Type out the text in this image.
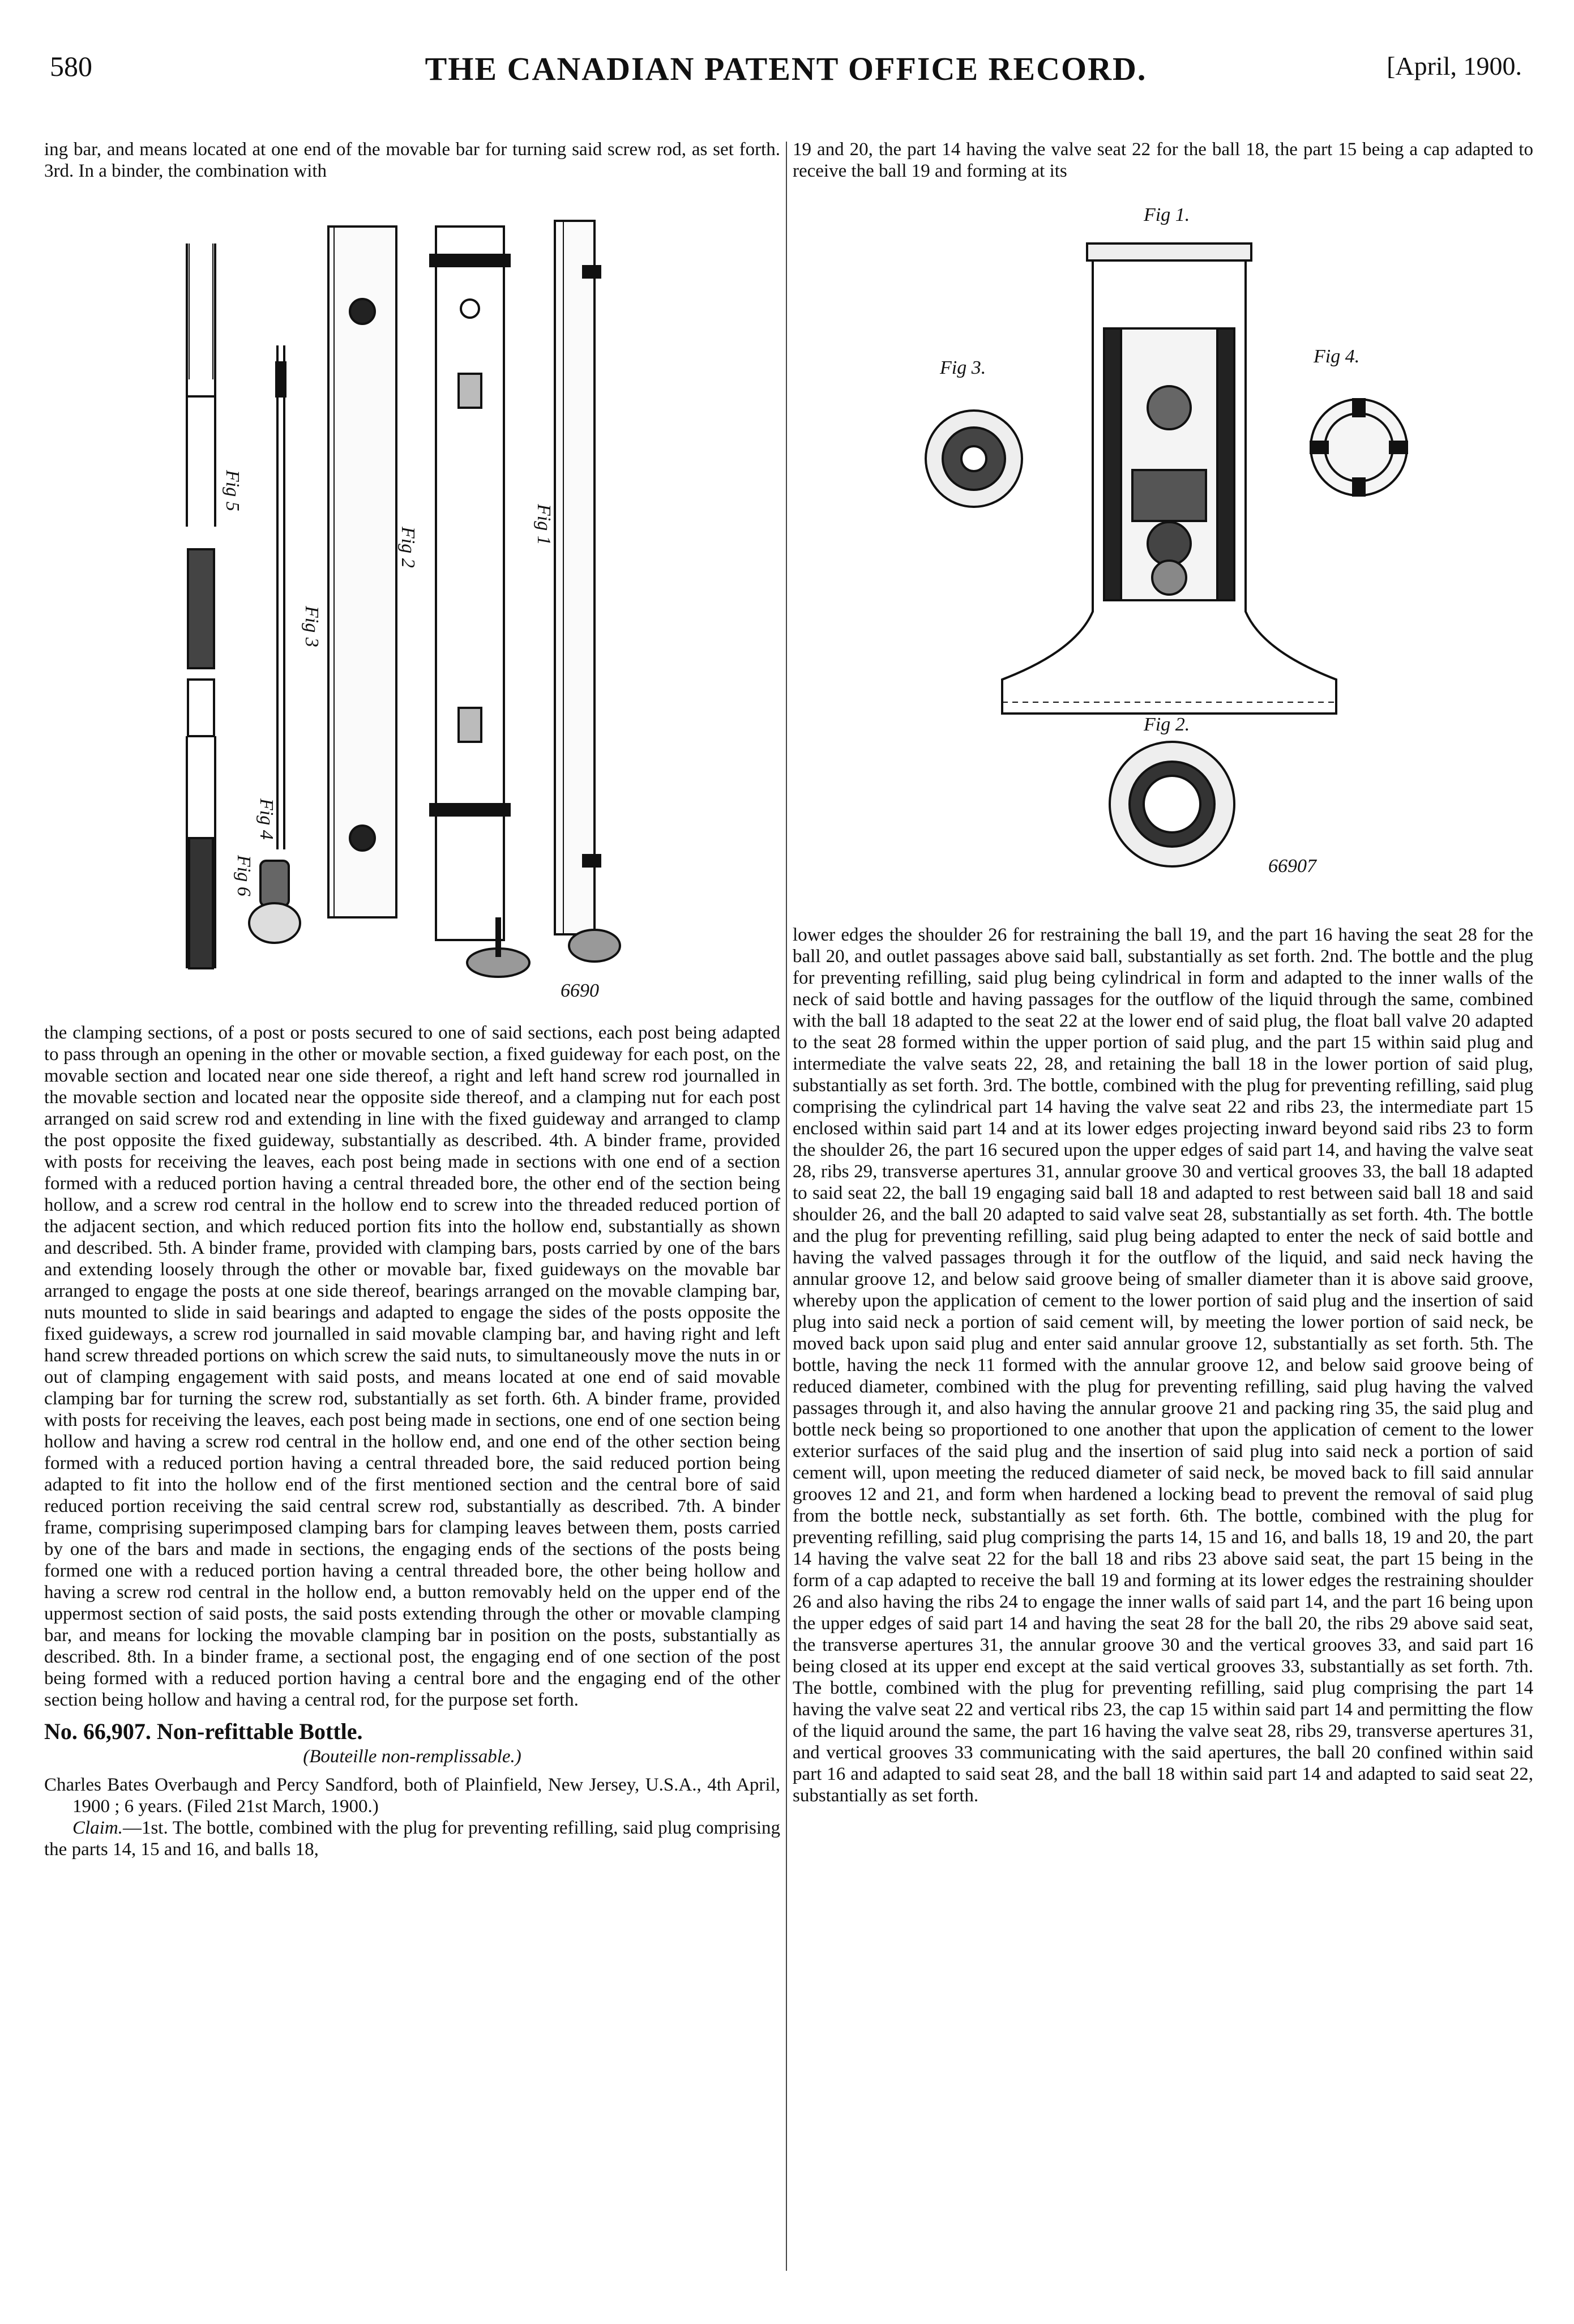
580	THE CANADIAN PATENT OFFICE RECORD.	[April, 1900.

ing bar, and means located at one end of the movable bar for turning said screw rod, as set forth. 3rd. In a binder, the combination with

Fig 5
Fig 3
Fig 4
Fig 6
Fig 2
Fig 1
6690

the clamping sections, of a post or posts secured to one of said sections, each post being adapted to pass through an opening in the other or movable section, a fixed guideway for each post, on the movable section and located near one side thereof, a right and left hand screw rod journalled in the movable section and located near the opposite side thereof, and a clamping nut for each post arranged on said screw rod and extending in line with the fixed guideway and arranged to clamp the post opposite the fixed guideway, substantially as described. 4th. A binder frame, provided with posts for receiving the leaves, each post being made in sections with one end of a section formed with a reduced portion having a central threaded bore, the other end of the section being hollow, and a screw rod central in the hollow end to screw into the threaded reduced portion of the adjacent section, and which reduced portion fits into the hollow end, substantially as shown and described. 5th. A binder frame, provided with clamping bars, posts carried by one of the bars and extending loosely through the other or movable bar, fixed guideways on the movable bar arranged to engage the posts at one side thereof, bearings arranged on the movable clamping bar, nuts mounted to slide in said bearings and adapted to engage the sides of the posts opposite the fixed guideways, a screw rod journalled in said movable clamping bar, and having right and left hand screw threaded portions on which screw the said nuts, to simultaneously move the nuts in or out of clamping engagement with said posts, and means located at one end of said movable clamping bar for turning the screw rod, substantially as set forth. 6th. A binder frame, provided with posts for receiving the leaves, each post being made in sections, one end of one section being hollow and having a screw rod central in the hollow end, and one end of the other section being formed with a reduced portion having a central threaded bore, the said reduced portion being adapted to fit into the hollow end of the first mentioned section and the central bore of said reduced portion receiving the said central screw rod, substantially as described. 7th. A binder frame, comprising superimposed clamping bars for clamping leaves between them, posts carried by one of the bars and made in sections, the engaging ends of the sections of the posts being formed one with a reduced portion having a central threaded bore, the other being hollow and having a screw rod central in the hollow end, a button removably held on the upper end of the uppermost section of said posts, the said posts extending through the other or movable clamping bar, and means for locking the movable clamping bar in position on the posts, substantially as described. 8th. In a binder frame, a sectional post, the engaging end of one section of the post being formed with a reduced portion having a central bore and the engaging end of the other section being hollow and having a central rod, for the purpose set forth.

No. 66,907. Non-refittable Bottle.
(Bouteille non-remplissable.)

Charles Bates Overbaugh and Percy Sandford, both of Plainfield, New Jersey, U.S.A., 4th April, 1900 ; 6 years. (Filed 21st March, 1900.)

Claim.—1st. The bottle, combined with the plug for preventing refilling, said plug comprising the parts 14, 15 and 16, and balls 18,

19 and 20, the part 14 having the valve seat 22 for the ball 18, the part 15 being a cap adapted to receive the ball 19 and forming at its

Fig 1.
Fig 3.
Fig 4.
Fig 2.
66907

lower edges the shoulder 26 for restraining the ball 19, and the part 16 having the seat 28 for the ball 20, and outlet passages above said ball, substantially as set forth. 2nd. The bottle and the plug for preventing refilling, said plug being cylindrical in form and adapted to the inner walls of the neck of said bottle and having passages for the outflow of the liquid through the same, combined with the ball 18 adapted to the seat 22 at the lower end of said plug, the float ball valve 20 adapted to the seat 28 formed within the upper portion of said plug, and the part 15 within said plug and intermediate the valve seats 22, 28, and retaining the ball 18 in the lower portion of said plug, substantially as set forth. 3rd. The bottle, combined with the plug for preventing refilling, said plug comprising the cylindrical part 14 having the valve seat 22 and ribs 23, the intermediate part 15 enclosed within said part 14 and at its lower edges projecting inward beyond said ribs 23 to form the shoulder 26, the part 16 secured upon the upper edges of said part 14, and having the valve seat 28, ribs 29, transverse apertures 31, annular groove 30 and vertical grooves 33, the ball 18 adapted to said seat 22, the ball 19 engaging said ball 18 and adapted to rest between said ball 18 and said shoulder 26, and the ball 20 adapted to said valve seat 28, substantially as set forth. 4th. The bottle and the plug for preventing refilling, said plug being adapted to enter the neck of said bottle and having the valved passages through it for the outflow of the liquid, and said neck having the annular groove 12, and below said groove being of smaller diameter than it is above said groove, whereby upon the application of cement to the lower portion of said plug and the insertion of said plug into said neck a portion of said cement will, by meeting the lower portion of said neck, be moved back upon said plug and enter said annular groove 12, substantially as set forth. 5th. The bottle, having the neck 11 formed with the annular groove 12, and below said groove being of reduced diameter, combined with the plug for preventing refilling, said plug having the valved passages through it, and also having the annular groove 21 and packing ring 35, the said plug and bottle neck being so proportioned to one another that upon the application of cement to the lower exterior surfaces of the said plug and the insertion of said plug into said neck a portion of said cement will, upon meeting the reduced diameter of said neck, be moved back to fill said annular grooves 12 and 21, and form when hardened a locking bead to prevent the removal of said plug from the bottle neck, substantially as set forth. 6th. The bottle, combined with the plug for preventing refilling, said plug comprising the parts 14, 15 and 16, and balls 18, 19 and 20, the part 14 having the valve seat 22 for the ball 18 and ribs 23 above said seat, the part 15 being in the form of a cap adapted to receive the ball 19 and forming at its lower edges the restraining shoulder 26 and also having the ribs 24 to engage the inner walls of said part 14, and the part 16 being upon the upper edges of said part 14 and having the seat 28 for the ball 20, the ribs 29 above said seat, the transverse apertures 31, the annular groove 30 and the vertical grooves 33, and said part 16 being closed at its upper end except at the said vertical grooves 33, substantially as set forth. 7th. The bottle, combined with the plug for preventing refilling, said plug comprising the part 14 having the valve seat 22 and vertical ribs 23, the cap 15 within said part 14 and permitting the flow of the liquid around the same, the part 16 having the valve seat 28, ribs 29, transverse apertures 31, and vertical grooves 33 communicating with the said apertures, the ball 20 confined within said part 16 and adapted to said seat 28, and the ball 18 within said part 14 and adapted to said seat 22, substantially as set forth.
